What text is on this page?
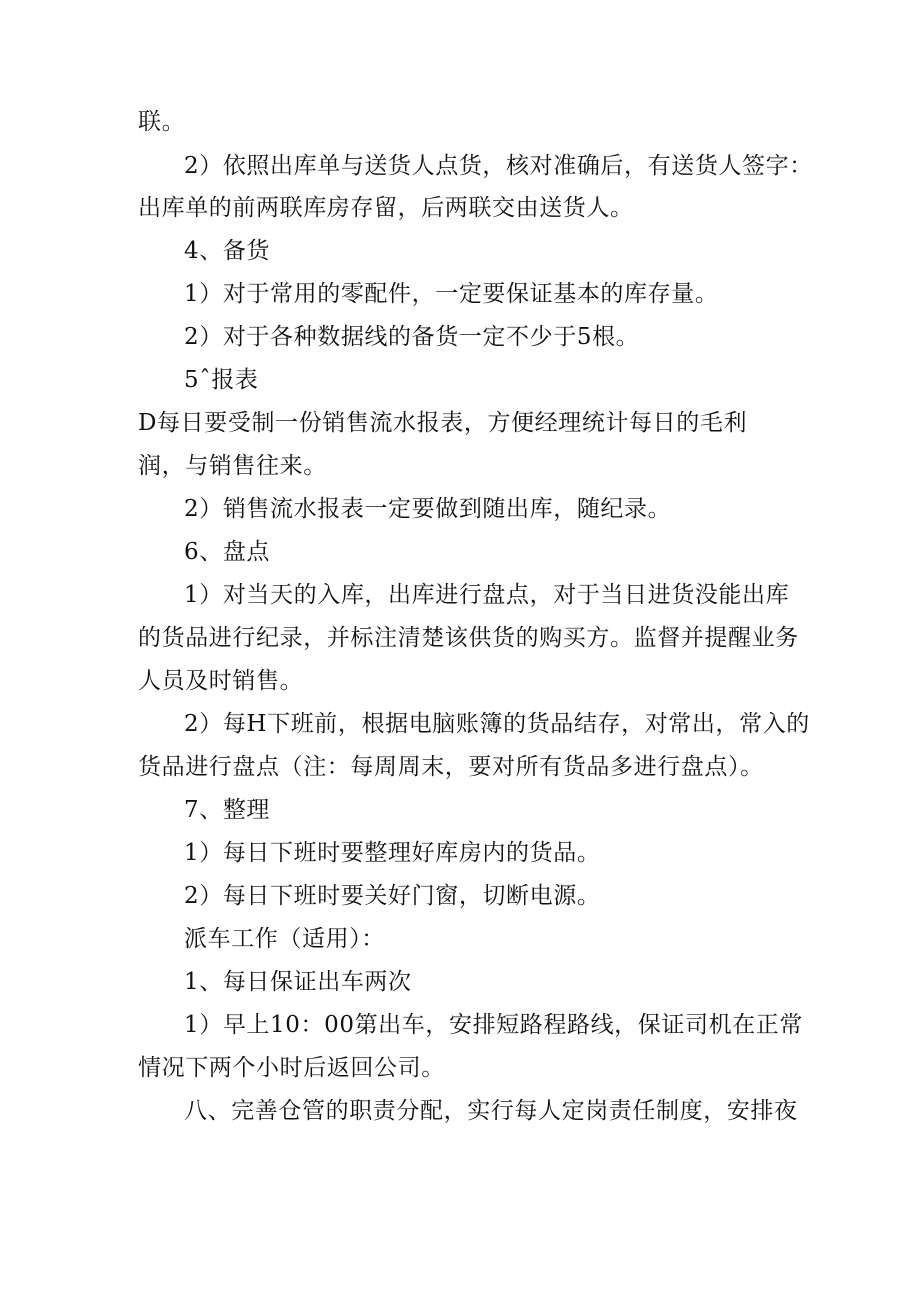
联。
2）依照出库单与送货人点货，核对准确后，有送货人签字：
出库单的前两联库房存留，后两联交由送货人。
4、备货
1）对于常用的零配件，一定要保证基本的库存量。
2）对于各种数据线的备货一定不少于5根。
5ˆ报表
D每日要受制一份销售流水报表，方便经理统计每日的毛利
润，与销售往来。
2）销售流水报表一定要做到随出库，随纪录。
6、盘点
1）对当天的入库，出库进行盘点，对于当日进货没能出库
的货品进行纪录，并标注清楚该供货的购买方。监督并提醒业务
人员及时销售。
2）每H下班前，根据电脑账簿的货品结存，对常出，常入的
货品进行盘点（注：每周周末，要对所有货品多进行盘点）。
7、整理
1）每日下班时要整理好库房内的货品。
2）每日下班时要关好门窗，切断电源。
派车工作（适用）：
1、每日保证出车两次
1）早上10：00第出车，安排短路程路线，保证司机在正常
情况下两个小时后返回公司。
八、完善仓管的职责分配，实行每人定岗责任制度，安排夜
